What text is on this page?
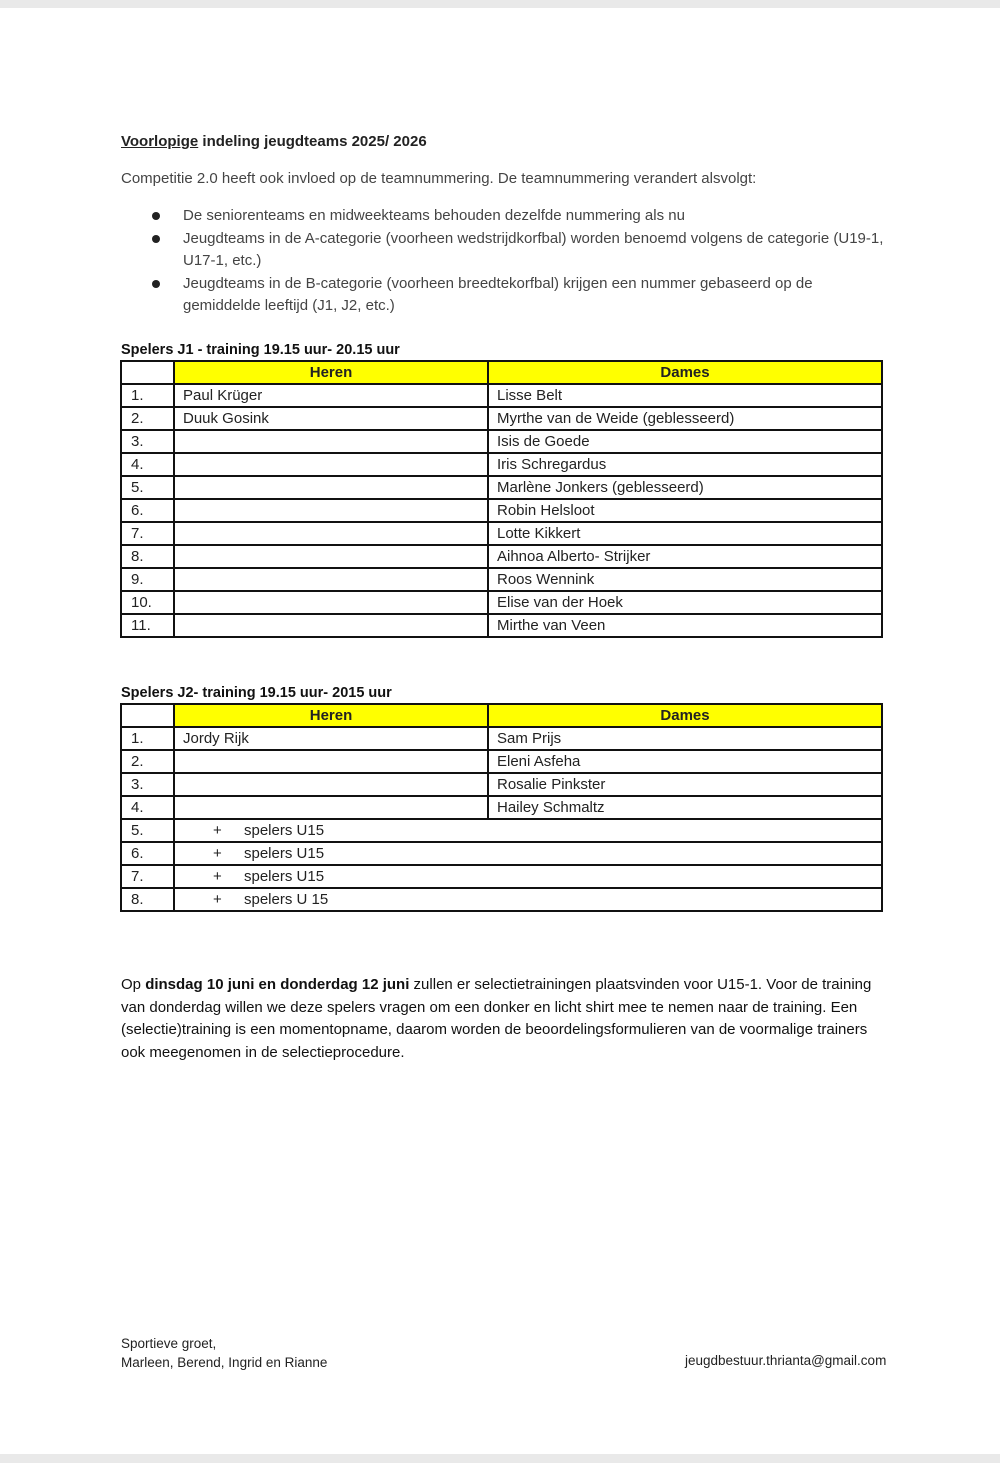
Voorlopige indeling jeugdteams 2025/ 2026
Competitie 2.0 heeft ook invloed op de teamnummering. De teamnummering verandert alsvolgt:
De seniorenteams en midweekteams behouden dezelfde nummering als nu
Jeugdteams in de A-categorie (voorheen wedstrijdkorfbal) worden benoemd volgens de categorie (U19-1, U17-1, etc.)
Jeugdteams in de B-categorie (voorheen breedtekorfbal) krijgen een nummer gebaseerd op de gemiddelde leeftijd (J1, J2, etc.)
Spelers J1 - training 19.15 uur- 20.15 uur
	Heren	Dames
1.	Paul Krüger	Lisse Belt
2.	Duuk Gosink	Myrthe van de Weide (geblesseerd)
3.		Isis de Goede
4.		Iris Schregardus
5.		Marlène Jonkers (geblesseerd)
6.		Robin Helsloot
7.		Lotte Kikkert
8.		Aihnoa Alberto- Strijker
9.		Roos Wennink
10.		Elise van der Hoek
11.		Mirthe van Veen
Spelers J2- training 19.15 uur- 2015 uur
	Heren	Dames
1.	Jordy Rijk	Sam Prijs
2.		Eleni Asfeha
3.		Rosalie Pinkster
4.		Hailey Schmaltz
5.	+ spelers U15	
6.	+ spelers U15	
7.	+ spelers U15	
8.	+ spelers U 15	
Op dinsdag 10 juni en donderdag 12 juni zullen er selectietrainingen plaatsvinden voor U15-1. Voor de training van donderdag willen we deze spelers vragen om een donker en licht shirt mee te nemen naar de training. Een (selectie)training is een momentopname, daarom worden de beoordelingsformulieren van de voormalige trainers ook meegenomen in de selectieprocedure.
Sportieve groet,
Marleen, Berend, Ingrid en Rianne	jeugdbestuur.thrianta@gmail.com
